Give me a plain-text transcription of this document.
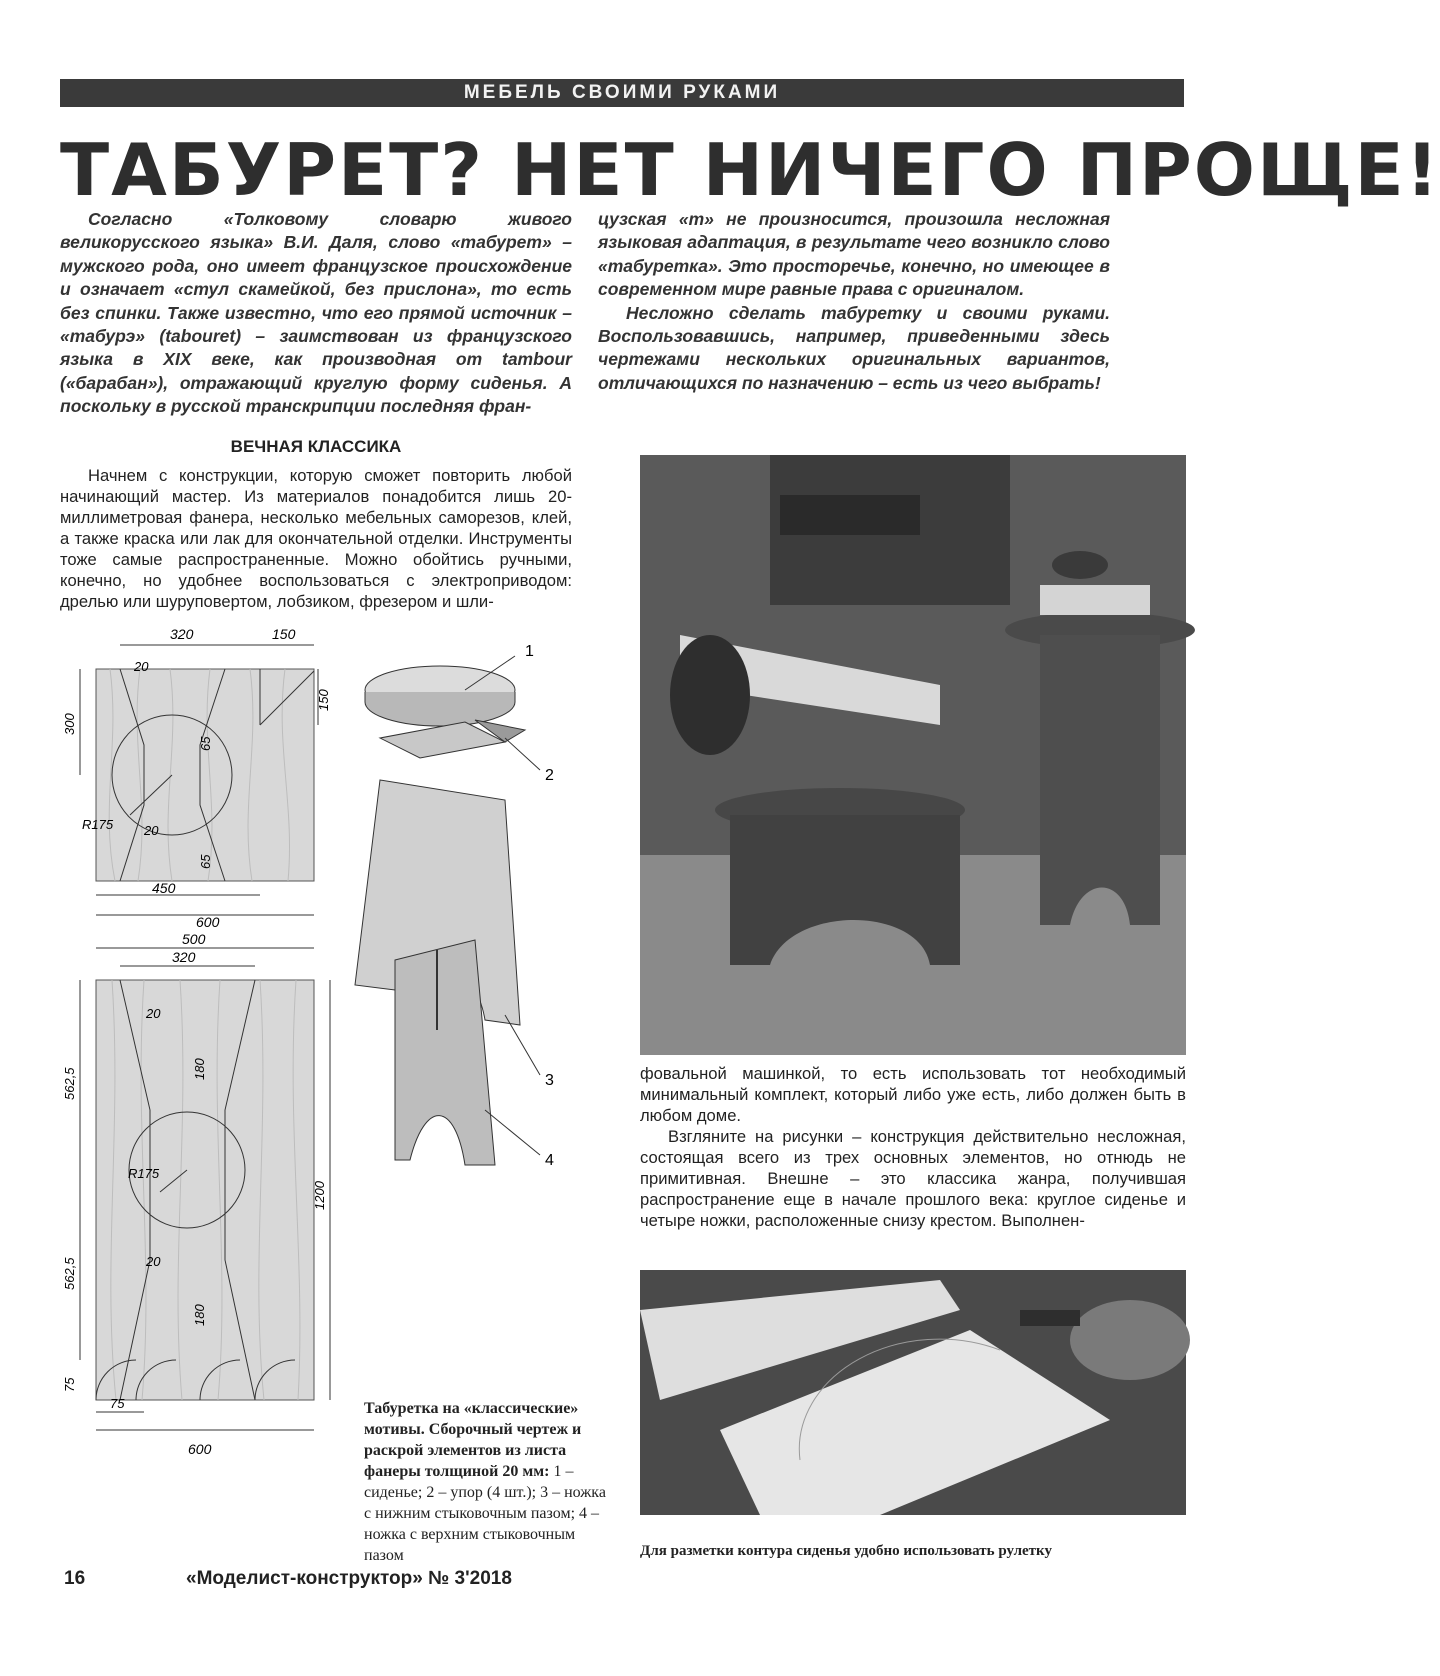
МЕБЕЛЬ СВОИМИ РУКАМИ
ТАБУРЕТ? НЕТ НИЧЕГО ПРОЩЕ!

Согласно «Толковому словарю живого великорусского языка» В.И. Даля, слово «табурет» – мужского рода, оно имеет французское происхождение и означает «стул скамейкой, без прислона», то есть без спинки. Также известно, что его прямой источник – «табурэ» (tabouret) – заимствован из французского языка в XIX веке, как производная от tambour («барабан»), отражающий круглую форму сиденья. А поскольку в русской транскрипции последняя фран-

цузская «т» не произносится, произошла несложная языковая адаптация, в результате чего возникло слово «табуретка». Это просторечье, конечно, но имеющее в современном мире равные права с оригиналом.

Несложно сделать табуретку и своими руками. Воспользовавшись, например, приведенными здесь чертежами нескольких оригинальных вариантов, отличающихся по назначению – есть из чего выбрать!

ВЕЧНАЯ КЛАССИКА

Начнем с конструкции, которую сможет повторить любой начинающий мастер. Из материалов понадобится лишь 20-миллиметровая фанера, несколько мебельных саморезов, клей, а также краска или лак для окончательной отделки. Инструменты тоже самые распространенные. Можно обойтись ручными, конечно, но удобнее воспользоваться с электроприводом: дрелью или шуруповертом, лобзиком, фрезером и шли-

320	150
20
300
150
65
R175 20
65
450
600
500
320
20
180
562,5
R175
1200
562,5	20
180
75
75
600
1
2
3
4
Табуретка на «классические» мотивы. Сборочный чертеж и раскрой элементов из листа фанеры толщиной 20 мм: 1 – сиденье; 2 – упор (4 шт.); 3 – ножка с нижним стыковочным пазом; 4 – ножка с верхним стыковочным пазом

фовальной машинкой, то есть использовать тот необходимый минимальный комплект, который либо уже есть, либо должен быть в любом доме.

Взгляните на рисунки – конструкция действительно несложная, состоящая всего из трех основных элементов, но отнюдь не примитивная. Внешне – это классика жанра, получившая распространение еще в начале прошлого века: круглое сиденье и четыре ножки, расположенные снизу крестом. Выполнен-

Для разметки контура сиденья удобно использовать рулетку
16	«Моделист-конструктор» № 3'2018
